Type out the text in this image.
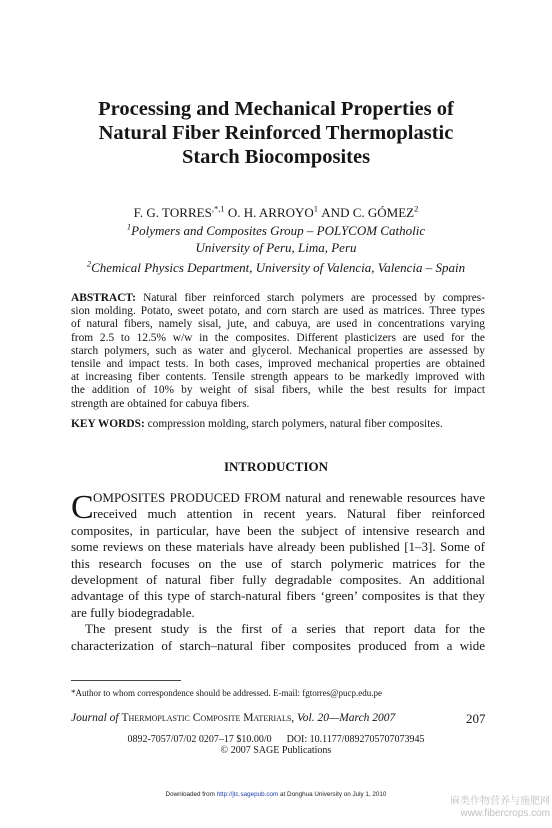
Processing and Mechanical Properties of
Natural Fiber Reinforced Thermoplastic
Starch Biocomposites
F. G. $TORRES^{,*,1}$ O. H. ARROYO$^1$ AND C. GÓMEZ$^2$
$^1$Polymers and Composites Group – POLYCOM Catholic
University of Peru, Lima, Peru
$^2$Chemical Physics Department, University of Valencia, Valencia – Spain
ABSTRACT: Natural fiber reinforced starch polymers are processed by compres-
sion molding. Potato, sweet potato, and corn starch are used as matrices. Three types
of natural fibers, namely sisal, jute, and cabuya, are used in concentrations varying
from 2.5 to 12.5% w/w in the composites. Different plasticizers are used for the
starch polymers, such as water and glycerol. Mechanical properties are assessed by
tensile and impact tests. In both cases, improved mechanical properties are obtained
at increasing fiber contents. Tensile strength appears to be markedly improved with
the addition of 10% by weight of sisal fibers, while the best results for impact
strength are obtained for cabuya fibers.
KEY WORDS: compression molding, starch polymers, natural fiber composites.
INTRODUCTION
C OMPOSITES PRODUCED FROM natural and renewable resources have
received much attention in recent years. Natural fiber reinforced
composites, in particular, have been the subject of intensive research and
some reviews on these materials have already been published [1–3]. Some of
this research focuses on the use of starch polymeric matrices for the
development of natural fiber fully degradable composites. An additional
advantage of this type of starch-natural fibers ‘green’ composites is that they
are fully biodegradable.
The present study is the first of a series that report data for the
characterization of starch–natural fiber composites produced from a wide
*Author to whom correspondence should be addressed. E-mail: fgtorres@pucp.edu.pe
Journal of Thermoplastic Composite Materials, Vol. 20—March 2007	207
0892-7057/07/02 0207–17 $10.00/0      DOI: 10.1177/0892705707073945
© 2007 SAGE Publications
Downloaded from http://jtc.sagepub.com at Donghua University on July 1, 2010
麻类作物营养与施肥网
www.fibercrops.com
